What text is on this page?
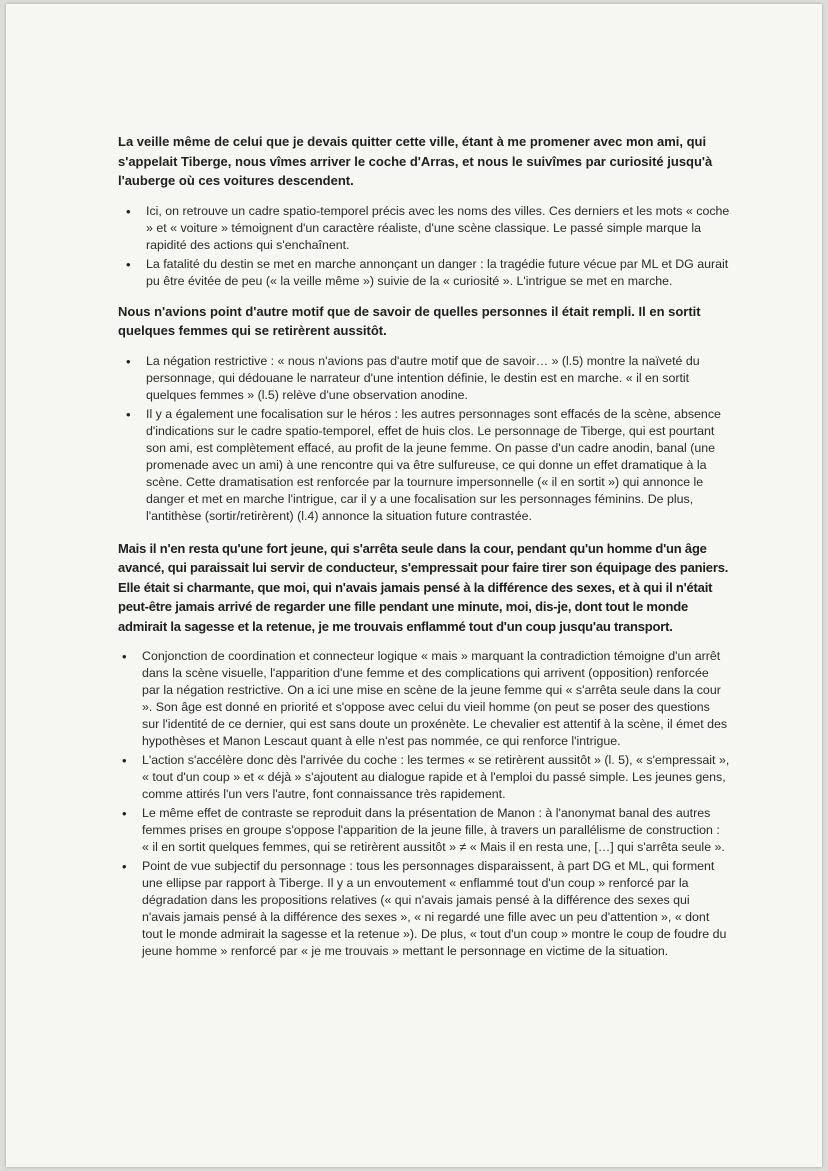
La veille même de celui que je devais quitter cette ville, étant à me promener avec mon ami, qui s'appelait Tiberge, nous vîmes arriver le coche d'Arras, et nous le suivîmes par curiosité jusqu'à l'auberge où ces voitures descendent.

• Ici, on retrouve un cadre spatio-temporel précis avec les noms des villes. Ces derniers et les mots « coche » et « voiture » témoignent d'un caractère réaliste, d'une scène classique. Le passé simple marque la rapidité des actions qui s'enchaînent.
• La fatalité du destin se met en marche annonçant un danger : la tragédie future vécue par ML et DG aurait pu être évitée de peu (« la veille même ») suivie de la « curiosité ». L'intrigue se met en marche.

Nous n'avions point d'autre motif que de savoir de quelles personnes il était rempli. Il en sortit quelques femmes qui se retirèrent aussitôt.

• La négation restrictive : « nous n'avions pas d'autre motif que de savoir… » (l.5) montre la naïveté du personnage, qui dédouane le narrateur d'une intention définie, le destin est en marche. « il en sortit quelques femmes » (l.5) relève d'une observation anodine.
• Il y a également une focalisation sur le héros : les autres personnages sont effacés de la scène, absence d'indications sur le cadre spatio-temporel, effet de huis clos. Le personnage de Tiberge, qui est pourtant son ami, est complètement effacé, au profit de la jeune femme. On passe d'un cadre anodin, banal (une promenade avec un ami) à une rencontre qui va être sulfureuse, ce qui donne un effet dramatique à la scène. Cette dramatisation est renforcée par la tournure impersonnelle (« il en sortit ») qui annonce le danger et met en marche l'intrigue, car il y a une focalisation sur les personnages féminins. De plus, l'antithèse (sortir/retirèrent) (l.4) annonce la situation future contrastée.

Mais il n'en resta qu'une fort jeune, qui s'arrêta seule dans la cour, pendant qu'un homme d'un âge avancé, qui paraissait lui servir de conducteur, s'empressait pour faire tirer son équipage des paniers. Elle était si charmante, que moi, qui n'avais jamais pensé à la différence des sexes, et à qui il n'était peut-être jamais arrivé de regarder une fille pendant une minute, moi, dis-je, dont tout le monde admirait la sagesse et la retenue, je me trouvais enflammé tout d'un coup jusqu'au transport.

• Conjonction de coordination et connecteur logique « mais » marquant la contradiction témoigne d'un arrêt dans la scène visuelle, l'apparition d'une femme et des complications qui arrivent (opposition) renforcée par la négation restrictive. On a ici une mise en scène de la jeune femme qui « s'arrêta seule dans la cour ». Son âge est donné en priorité et s'oppose avec celui du vieil homme (on peut se poser des questions sur l'identité de ce dernier, qui est sans doute un proxénète. Le chevalier est attentif à la scène, il émet des hypothèses et Manon Lescaut quant à elle n'est pas nommée, ce qui renforce l'intrigue.
• L'action s'accélère donc dès l'arrivée du coche : les termes « se retirèrent aussitôt » (l. 5), « s'empressait », « tout d'un coup » et « déjà » s'ajoutent au dialogue rapide et à l'emploi du passé simple. Les jeunes gens, comme attirés l'un vers l'autre, font connaissance très rapidement.
• Le même effet de contraste se reproduit dans la présentation de Manon : à l'anonymat banal des autres femmes prises en groupe s'oppose l'apparition de la jeune fille, à travers un parallélisme de construction : « il en sortit quelques femmes, qui se retirèrent aussitôt » ≠ « Mais il en resta une, […] qui s'arrêta seule ».
• Point de vue subjectif du personnage : tous les personnages disparaissent, à part DG et ML, qui forment une ellipse par rapport à Tiberge. Il y a un envoutement « enflammé tout d'un coup » renforcé par la dégradation dans les propositions relatives (« qui n'avais jamais pensé à la différence des sexes qui n'avais jamais pensé à la différence des sexes », « ni regardé une fille avec un peu d'attention », « dont tout le monde admirait la sagesse et la retenue »). De plus, « tout d'un coup » montre le coup de foudre du jeune homme » renforcé par « je me trouvais » mettant le personnage en victime de la situation.
